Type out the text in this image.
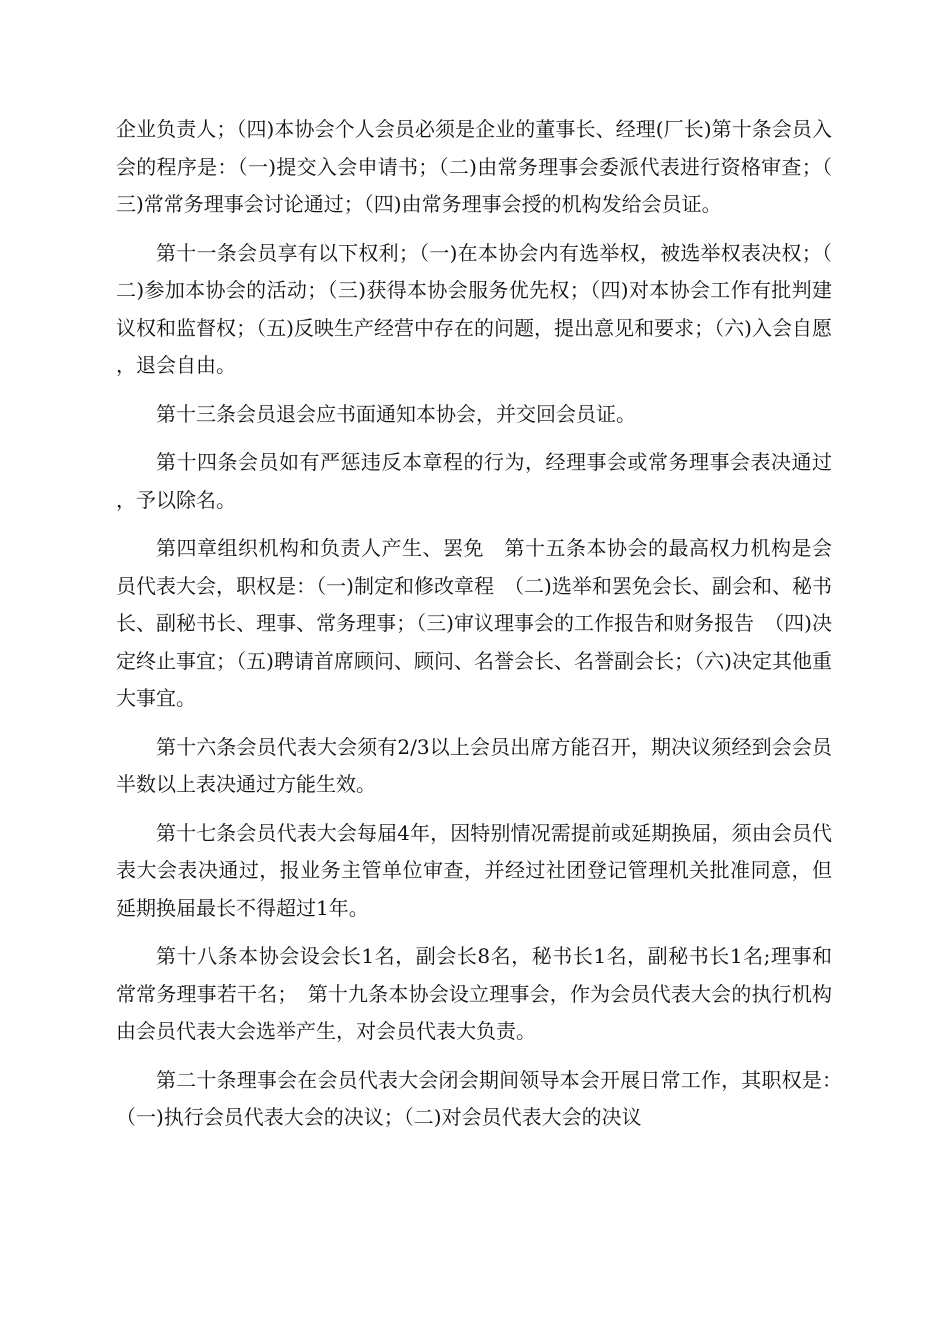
企业负责人；（四)本协会个人会员必须是企业的董事长、经理(厂长)第十条会员入会的程序是：（一)提交入会申请书；（二)由常务理事会委派代表进行资格审查；（三)常常务理事会讨论通过；（四)由常务理事会授的机构发给会员证。

第十一条会员享有以下权利；（一)在本协会内有选举权，被选举权表决权；（二)参加本协会的活动；（三)获得本协会服务优先权；（四)对本协会工作有批判建议权和监督权；（五)反映生产经营中存在的问题，提出意见和要求；（六)入会自愿，退会自由。

第十三条会员退会应书面通知本协会，并交回会员证。

第十四条会员如有严惩违反本章程的行为，经理事会或常务理事会表决通过，予以除名。

第四章组织机构和负责人产生、罢免　第十五条本协会的最高权力机构是会员代表大会，职权是：（一)制定和修改章程　（二)选举和罢免会长、副会和、秘书长、副秘书长、理事、常务理事；（三)审议理事会的工作报告和财务报告　（四)决定终止事宜；（五)聘请首席顾问、顾问、名誉会长、名誉副会长；（六)决定其他重大事宜。

第十六条会员代表大会须有2/3以上会员出席方能召开，期决议须经到会会员半数以上表决通过方能生效。

第十七条会员代表大会每届4年，因特别情况需提前或延期换届，须由会员代表大会表决通过，报业务主管单位审查，并经过社团登记管理机关批准同意，但延期换届最长不得超过1年。

第十八条本协会设会长1名，副会长8名，秘书长1名，副秘书长1名;理事和常常务理事若干名；　第十九条本协会设立理事会，作为会员代表大会的执行机构由会员代表大会选举产生，对会员代表大负责。

第二十条理事会在会员代表大会闭会期间领导本会开展日常工作，其职权是：　（一)执行会员代表大会的决议；（二)对会员代表大会的决议
